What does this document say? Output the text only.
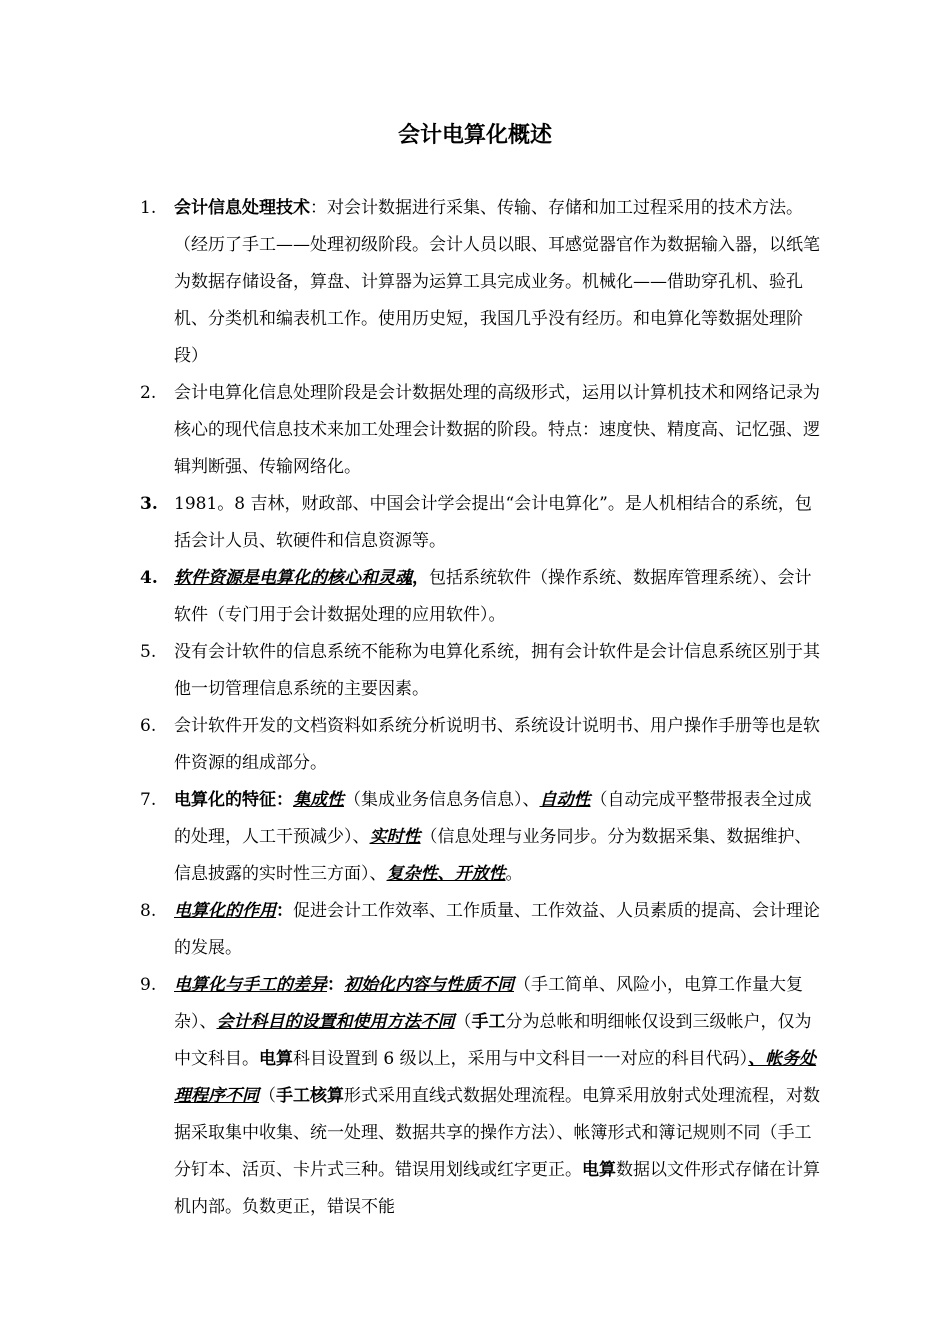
会计电算化概述
1.	会计信息处理技术：对会计数据进行采集、传输、存储和加工过程采用的技术方法。（经历了手工——处理初级阶段。会计人员以眼、耳感觉器官作为数据输入器，以纸笔为数据存储设备，算盘、计算器为运算工具完成业务。机械化——借助穿孔机、验孔机、分类机和编表机工作。使用历史短，我国几乎没有经历。和电算化等数据处理阶段）
2.	会计电算化信息处理阶段是会计数据处理的高级形式，运用以计算机技术和网络记录为核心的现代信息技术来加工处理会计数据的阶段。特点：速度快、精度高、记忆强、逻辑判断强、传输网络化。
3. 1981。8 吉林，财政部、中国会计学会提出“会计电算化”。是人机相结合的系统，包括会计人员、软硬件和信息资源等。
4. 软件资源是电算化的核心和灵魂，包括系统软件（操作系统、数据库管理系统）、会计软件（专门用于会计数据处理的应用软件）。
5.	没有会计软件的信息系统不能称为电算化系统，拥有会计软件是会计信息系统区别于其他一切管理信息系统的主要因素。
6.	会计软件开发的文档资料如系统分析说明书、系统设计说明书、用户操作手册等也是软件资源的组成部分。
7.	电算化的特征：集成性（集成业务信息务信息）、自动性（自动完成平整带报表全过成的处理，人工干预减少）、实时性（信息处理与业务同步。分为数据采集、数据维护、信息披露的实时性三方面）、复杂性、开放性。
8.	电算化的作用：促进会计工作效率、工作质量、工作效益、人员素质的提高、会计理论的发展。
9.	电算化与手工的差异：初始化内容与性质不同（手工简单、风险小，电算工作量大复杂）、会计科目的设置和使用方法不同（手工分为总帐和明细帐仅设到三级帐户，仅为中文科目。电算科目设置到 6 级以上，采用与中文科目一一对应的科目代码）、帐务处理程序不同（手工核算形式采用直线式数据处理流程。电算采用放射式处理流程，对数据采取集中收集、统一处理、数据共享的操作方法）、帐簿形式和簿记规则不同（手工分钉本、活页、卡片式三种。错误用划线或红字更正。电算数据以文件形式存储在计算机内部。负数更正，错误不能
